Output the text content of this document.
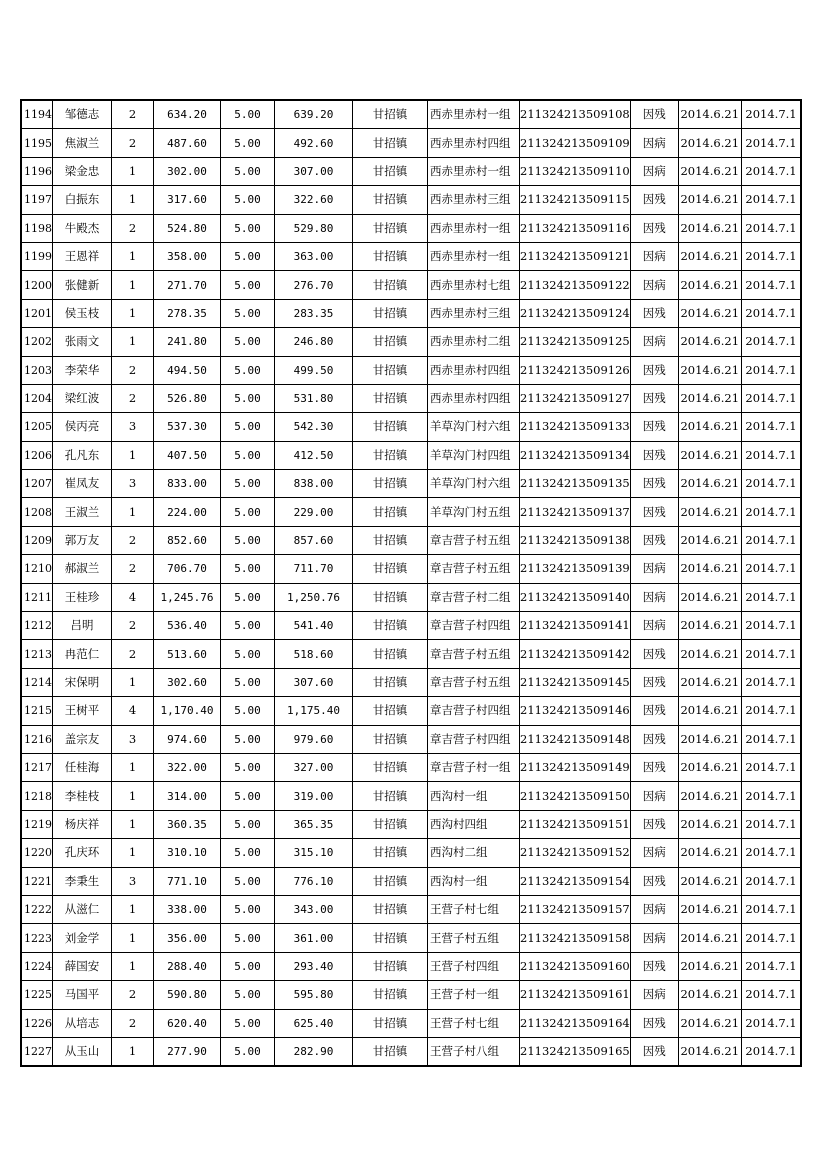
1194	邹德志	2	634.20	5.00	639.20	甘招镇	西赤里赤村一组	211324213509108	因残	2014.6.21	2014.7.1
1195	焦淑兰	2	487.60	5.00	492.60	甘招镇	西赤里赤村四组	211324213509109	因病	2014.6.21	2014.7.1
1196	梁金忠	1	302.00	5.00	307.00	甘招镇	西赤里赤村一组	211324213509110	因病	2014.6.21	2014.7.1
1197	白振东	1	317.60	5.00	322.60	甘招镇	西赤里赤村三组	211324213509115	因残	2014.6.21	2014.7.1
1198	牛殿杰	2	524.80	5.00	529.80	甘招镇	西赤里赤村一组	211324213509116	因残	2014.6.21	2014.7.1
1199	王恩祥	1	358.00	5.00	363.00	甘招镇	西赤里赤村一组	211324213509121	因病	2014.6.21	2014.7.1
1200	张健新	1	271.70	5.00	276.70	甘招镇	西赤里赤村七组	211324213509122	因病	2014.6.21	2014.7.1
1201	侯玉枝	1	278.35	5.00	283.35	甘招镇	西赤里赤村三组	211324213509124	因残	2014.6.21	2014.7.1
1202	张雨文	1	241.80	5.00	246.80	甘招镇	西赤里赤村二组	211324213509125	因病	2014.6.21	2014.7.1
1203	李荣华	2	494.50	5.00	499.50	甘招镇	西赤里赤村四组	211324213509126	因残	2014.6.21	2014.7.1
1204	梁红波	2	526.80	5.00	531.80	甘招镇	西赤里赤村四组	211324213509127	因残	2014.6.21	2014.7.1
1205	侯丙亮	3	537.30	5.00	542.30	甘招镇	羊草沟门村六组	211324213509133	因残	2014.6.21	2014.7.1
1206	孔凡东	1	407.50	5.00	412.50	甘招镇	羊草沟门村四组	211324213509134	因残	2014.6.21	2014.7.1
1207	崔凤友	3	833.00	5.00	838.00	甘招镇	羊草沟门村六组	211324213509135	因残	2014.6.21	2014.7.1
1208	王淑兰	1	224.00	5.00	229.00	甘招镇	羊草沟门村五组	211324213509137	因残	2014.6.21	2014.7.1
1209	郭万友	2	852.60	5.00	857.60	甘招镇	章吉营子村五组	211324213509138	因残	2014.6.21	2014.7.1
1210	郝淑兰	2	706.70	5.00	711.70	甘招镇	章吉营子村五组	211324213509139	因病	2014.6.21	2014.7.1
1211	王桂珍	4	1,245.76	5.00	1,250.76	甘招镇	章吉营子村二组	211324213509140	因病	2014.6.21	2014.7.1
1212	吕明	2	536.40	5.00	541.40	甘招镇	章吉营子村四组	211324213509141	因病	2014.6.21	2014.7.1
1213	冉范仁	2	513.60	5.00	518.60	甘招镇	章吉营子村五组	211324213509142	因残	2014.6.21	2014.7.1
1214	宋保明	1	302.60	5.00	307.60	甘招镇	章吉营子村五组	211324213509145	因残	2014.6.21	2014.7.1
1215	王树平	4	1,170.40	5.00	1,175.40	甘招镇	章吉营子村四组	211324213509146	因残	2014.6.21	2014.7.1
1216	盖宗友	3	974.60	5.00	979.60	甘招镇	章吉营子村四组	211324213509148	因残	2014.6.21	2014.7.1
1217	任桂海	1	322.00	5.00	327.00	甘招镇	章吉营子村一组	211324213509149	因残	2014.6.21	2014.7.1
1218	李桂枝	1	314.00	5.00	319.00	甘招镇	西沟村一组	211324213509150	因病	2014.6.21	2014.7.1
1219	杨庆祥	1	360.35	5.00	365.35	甘招镇	西沟村四组	211324213509151	因残	2014.6.21	2014.7.1
1220	孔庆环	1	310.10	5.00	315.10	甘招镇	西沟村二组	211324213509152	因病	2014.6.21	2014.7.1
1221	李秉生	3	771.10	5.00	776.10	甘招镇	西沟村一组	211324213509154	因残	2014.6.21	2014.7.1
1222	从滋仁	1	338.00	5.00	343.00	甘招镇	王营子村七组	211324213509157	因病	2014.6.21	2014.7.1
1223	刘金学	1	356.00	5.00	361.00	甘招镇	王营子村五组	211324213509158	因病	2014.6.21	2014.7.1
1224	薛国安	1	288.40	5.00	293.40	甘招镇	王营子村四组	211324213509160	因残	2014.6.21	2014.7.1
1225	马国平	2	590.80	5.00	595.80	甘招镇	王营子村一组	211324213509161	因病	2014.6.21	2014.7.1
1226	从培志	2	620.40	5.00	625.40	甘招镇	王营子村七组	211324213509164	因残	2014.6.21	2014.7.1
1227	从玉山	1	277.90	5.00	282.90	甘招镇	王营子村八组	211324213509165	因残	2014.6.21	2014.7.1
